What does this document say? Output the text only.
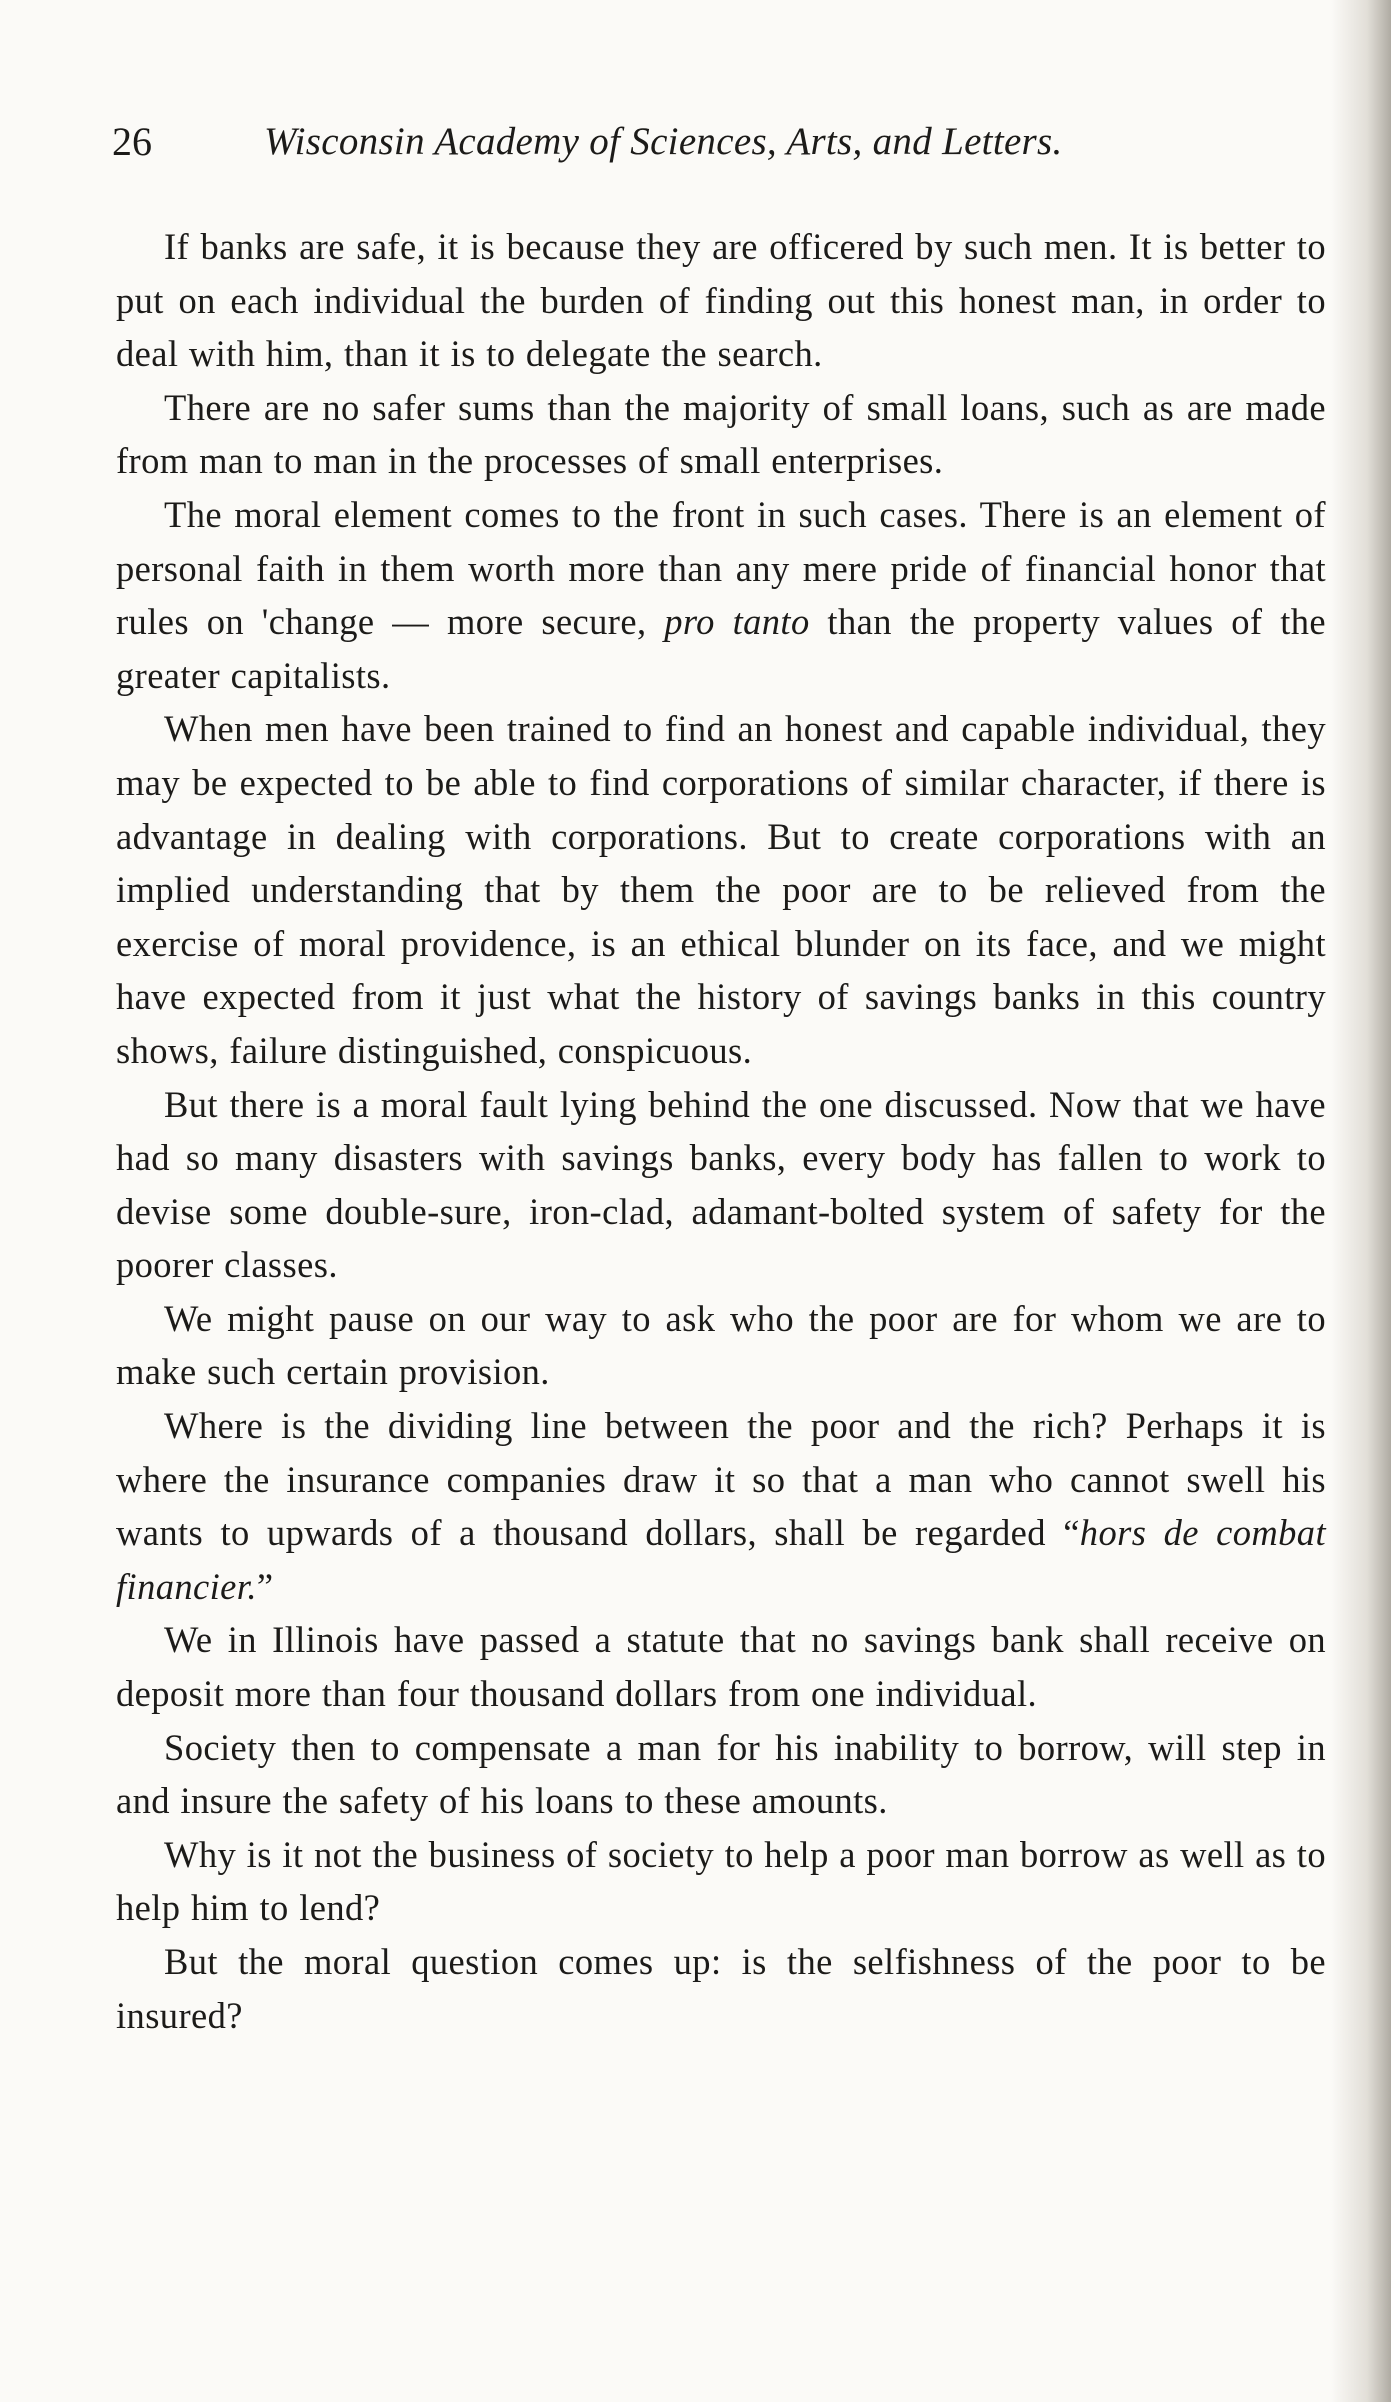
26	Wisconsin Academy of Sciences, Arts, and Letters.

If banks are safe, it is because they are officered by such men. It is better to put on each individual the burden of finding out this honest man, in order to deal with him, than it is to delegate the search.

There are no safer sums than the majority of small loans, such as are made from man to man in the processes of small enterprises.

The moral element comes to the front in such cases. There is an element of personal faith in them worth more than any mere pride of financial honor that rules on 'change — more secure, pro tanto than the property values of the greater capitalists.

When men have been trained to find an honest and capable individual, they may be expected to be able to find corporations of similar character, if there is advantage in dealing with corporations. But to create corporations with an implied understanding that by them the poor are to be relieved from the exercise of moral providence, is an ethical blunder on its face, and we might have expected from it just what the history of savings banks in this country shows, failure distinguished, conspicuous.

But there is a moral fault lying behind the one discussed. Now that we have had so many disasters with savings banks, every body has fallen to work to devise some double-sure, iron-clad, adamant-bolted system of safety for the poorer classes.

We might pause on our way to ask who the poor are for whom we are to make such certain provision.

Where is the dividing line between the poor and the rich? Perhaps it is where the insurance companies draw it so that a man who cannot swell his wants to upwards of a thousand dollars, shall be regarded “hors de combat financier.”

We in Illinois have passed a statute that no savings bank shall receive on deposit more than four thousand dollars from one individual.

Society then to compensate a man for his inability to borrow, will step in and insure the safety of his loans to these amounts.

Why is it not the business of society to help a poor man borrow as well as to help him to lend?

But the moral question comes up: is the selfishness of the poor to be insured?
